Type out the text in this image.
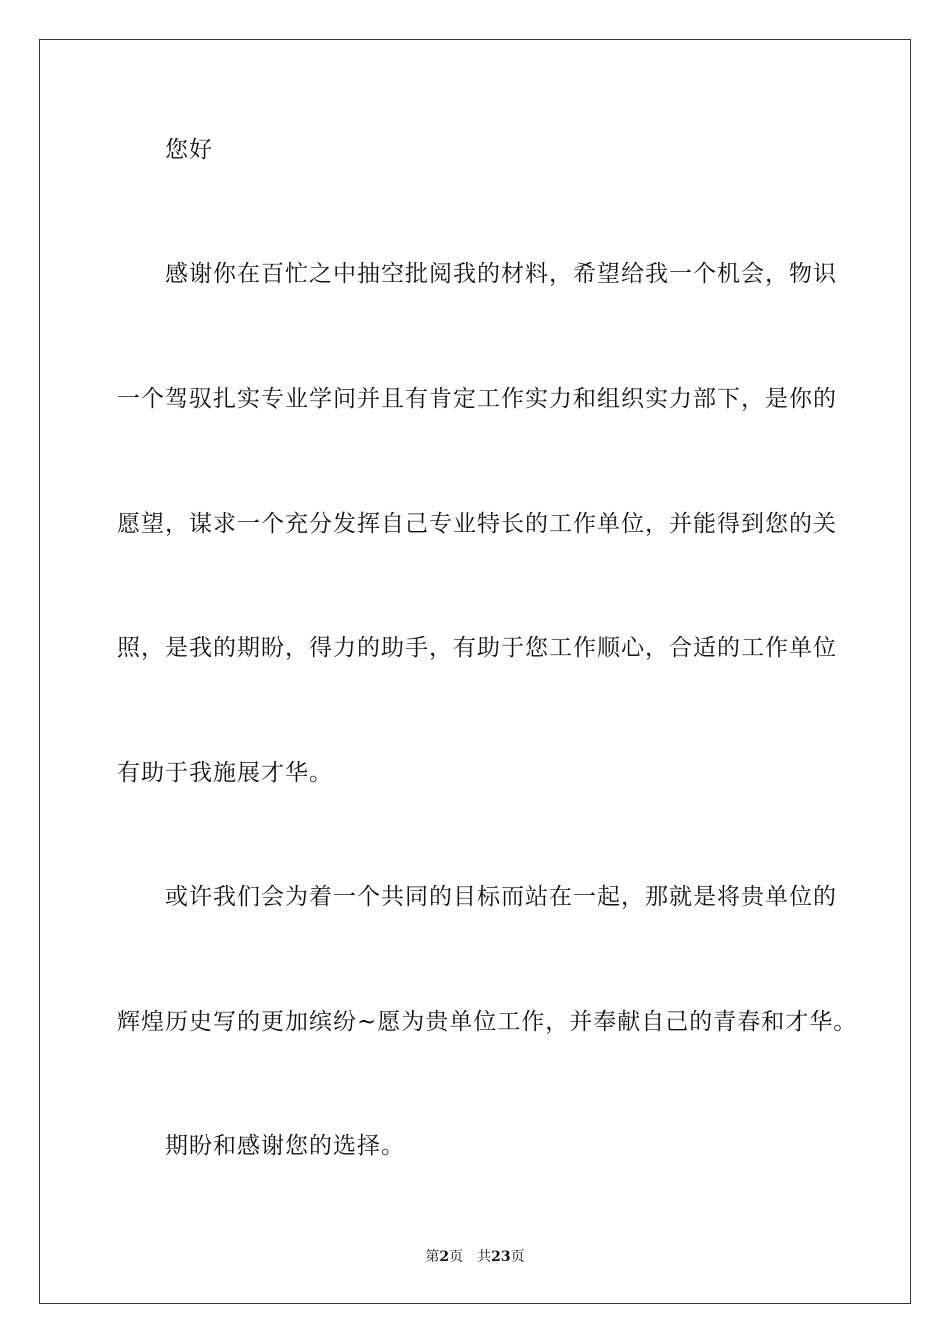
您好
感谢你在百忙之中抽空批阅我的材料，希望给我一个机会，物识
一个驾驭扎实专业学问并且有肯定工作实力和组织实力部下，是你的
愿望，谋求一个充分发挥自己专业特长的工作单位，并能得到您的关
照，是我的期盼，得力的助手，有助于您工作顺心，合适的工作单位
有助于我施展才华。
或许我们会为着一个共同的目标而站在一起，那就是将贵单位的
辉煌历史写的更加缤纷~愿为贵单位工作，并奉献自己的青春和才华。
期盼和感谢您的选择。
第2页 共23页
